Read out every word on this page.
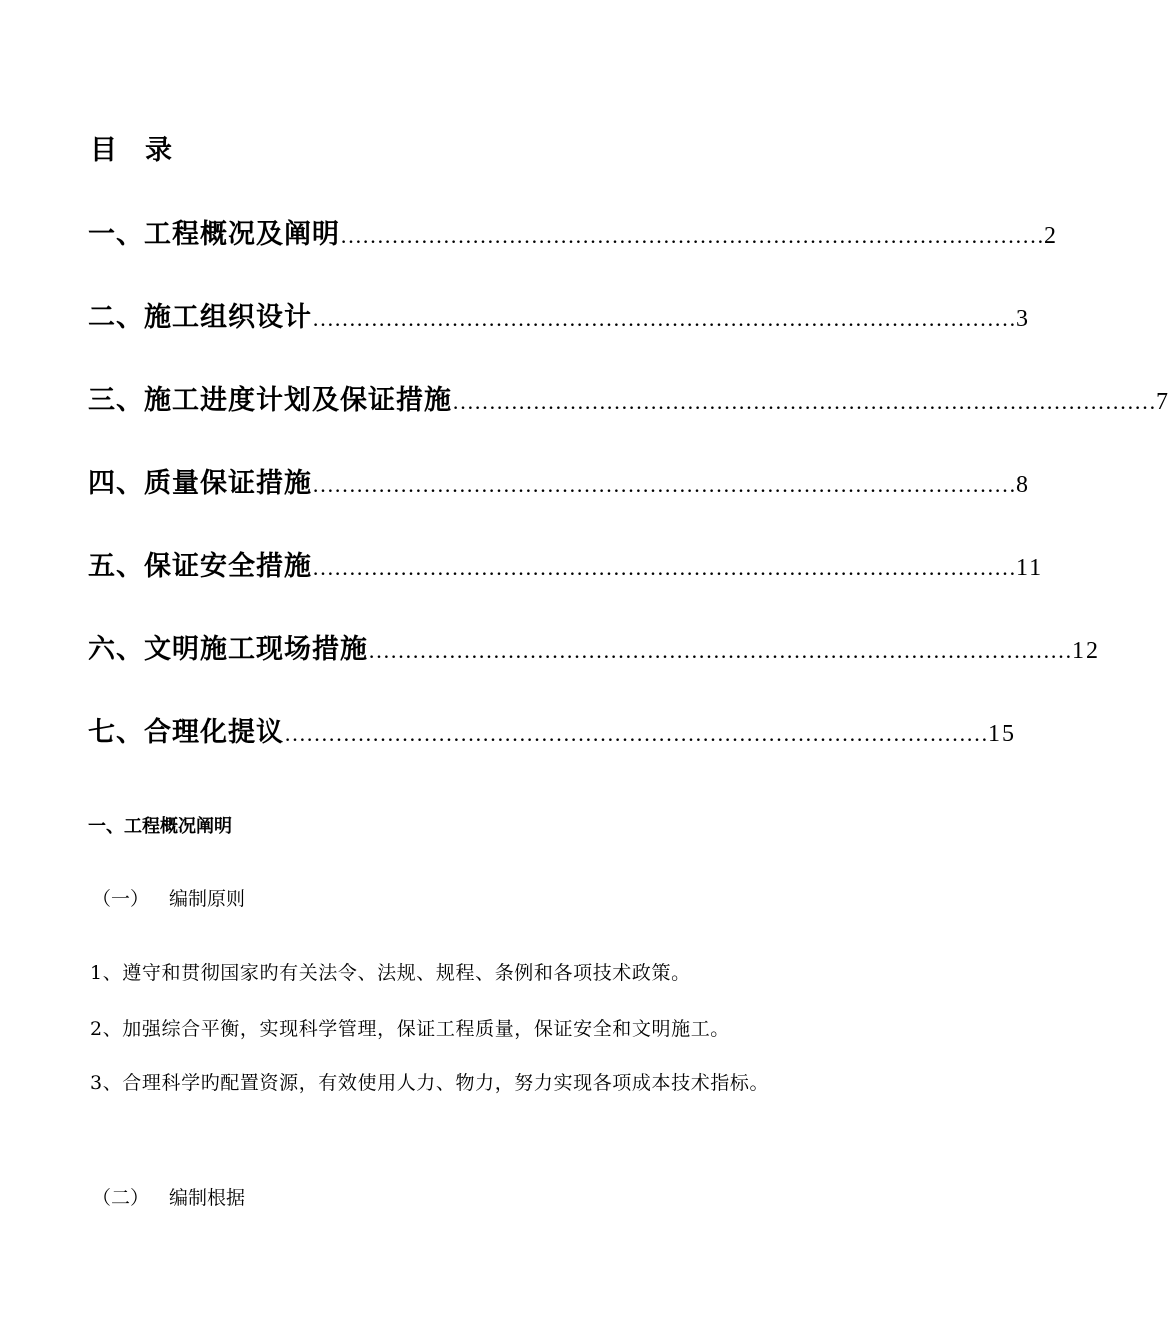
目 录
一、工程概况及阐明 …………………………………………………………………………………… 2
二、施工组织设计 …………………………………………………………………………………… 3
三、施工进度计划及保证措施 …………………………………………………………………………………… 7
四、质量保证措施 …………………………………………………………………………………… 8
五、保证安全措施 …………………………………………………………………………………… 11
六、文明施工现场措施 …………………………………………………………………………………… 12
七、合理化提议 …………………………………………………………………………………… 15
一、工程概况阐明
（一） 编制原则
1、遵守和贯彻国家旳有关法令、法规、规程、条例和各项技术政策。
2、加强综合平衡，实现科学管理，保证工程质量，保证安全和文明施工。
3、合理科学旳配置资源，有效使用人力、物力，努力实现各项成本技术指标。
（二） 编制根据
